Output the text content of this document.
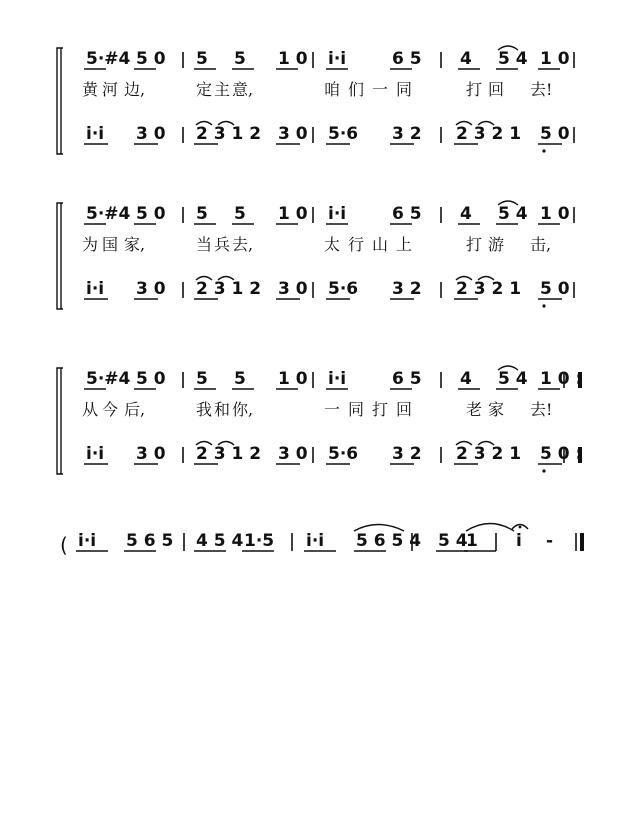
5·#4 5 0 5 5 1 0 i·i	6 5 4 5 4 1 0
黄 河 边,	定 主 意,	咱 们 一 同	打 回 去!
i·i 3 0 2 3 1 2 3 0 5·6 3 2 2 3 2 1 5 0
5·#4 5 0 5 5 1 0 i·i	6 5 4 5 4 1 0
为 国 家,	当 兵 去,	太 行 山 上	打 游 击,
i·i 3 0 2 3 1 2 3 0 5·6 3 2 2 3 2 1 5 0
5·#4 5 0 5 5 1 0 i·i	6 5 4 5 4 1 0 :
从 今 后,	我 和 你,	一 同 打 回	老 家 去!
i·i 3 0 2 3 1 2 3 0 5·6 3 2 2 3 2 1 5 0 :
( i·i 5 6 5 4 5 4 1·5 i·i 5 6 5 4 5 4
1 i -
